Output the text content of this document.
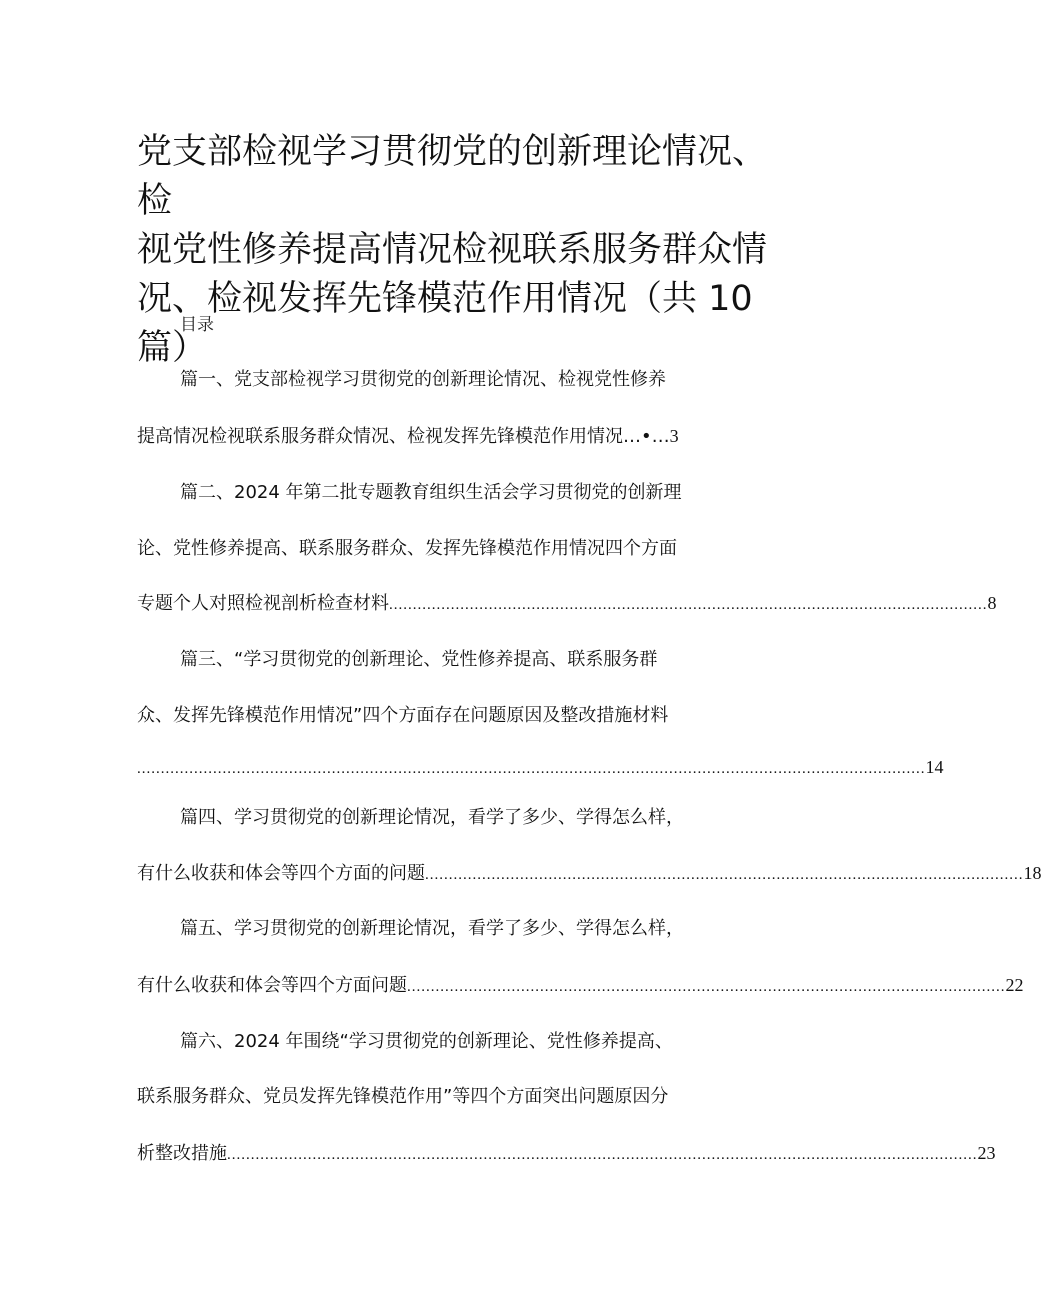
党支部检视学习贯彻党的创新理论情况、检
视党性修养提高情况检视联系服务群众情
况、检视发挥先锋模范作用情况（共 10 篇）
目录
篇一、党支部检视学习贯彻党的创新理论情况、检视党性修养
提高情况检视联系服务群众情况、检视发挥先锋模范作用情况…•… 3
篇二、2024 年第二批专题教育组织生活会学习贯彻党的创新理
论、党性修养提高、联系服务群众、发挥先锋模范作用情况四个方面
专题个人对照检视剖析检查材料 .............................................................................................................................. 8
篇三、“学习贯彻党的创新理论、党性修养提高、联系服务群
众、发挥先锋模范作用情况”四个方面存在问题原因及整改措施材料
...................................................................................................................................................................... 14
篇四、学习贯彻党的创新理论情况，看学了多少、学得怎么样，
有什么收获和体会等四个方面的问题 .............................................................................................................................. 18
篇五、学习贯彻党的创新理论情况，看学了多少、学得怎么样，
有什么收获和体会等四个方面问题 .............................................................................................................................. 22
篇六、2024 年围绕“学习贯彻党的创新理论、党性修养提高、
联系服务群众、党员发挥先锋模范作用”等四个方面突出问题原因分
析整改措施 .............................................................................................................................................................. 23
